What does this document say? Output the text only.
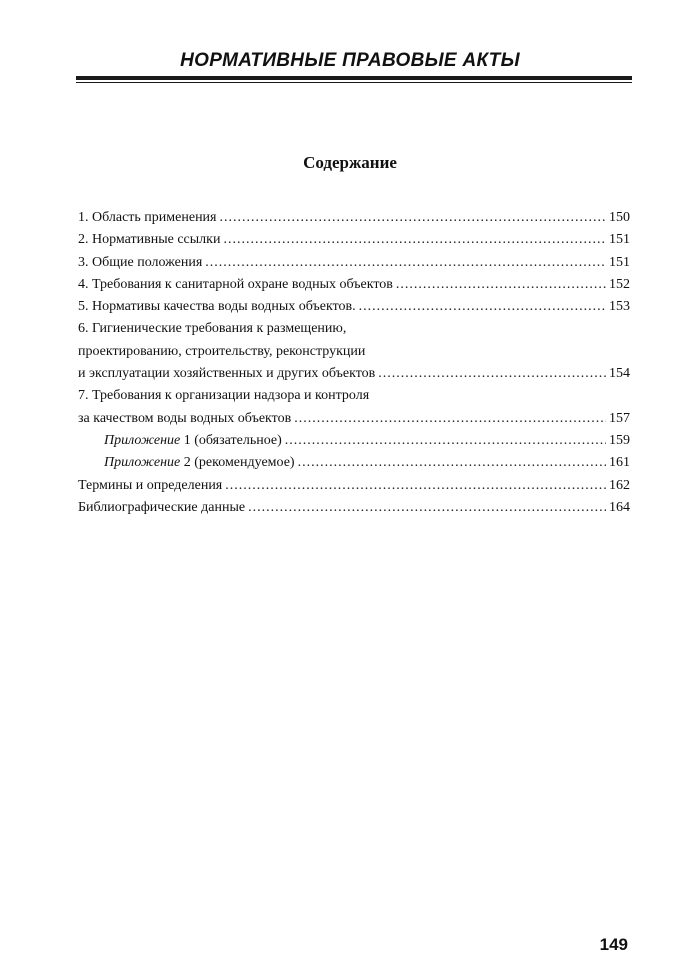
НОРМАТИВНЫЕ ПРАВОВЫЕ АКТЫ
Содержание
1. Область применения .....	150
2. Нормативные ссылки .....	151
3. Общие положения .....	151
4. Требования к санитарной охране водных объектов .....	152
5. Нормативы качества воды водных объектов. .....	153
6. Гигиенические требования к размещению,
проектированию, строительству, реконструкции
и эксплуатации хозяйственных и других объектов .....	154
7. Требования к организации надзора и контроля
за качеством воды водных объектов .....	157
Приложение 1 (обязательное) .....	159
Приложение 2 (рекомендуемое) .....	161
Термины и определения .....	162
Библиографические данные .....	164
149
